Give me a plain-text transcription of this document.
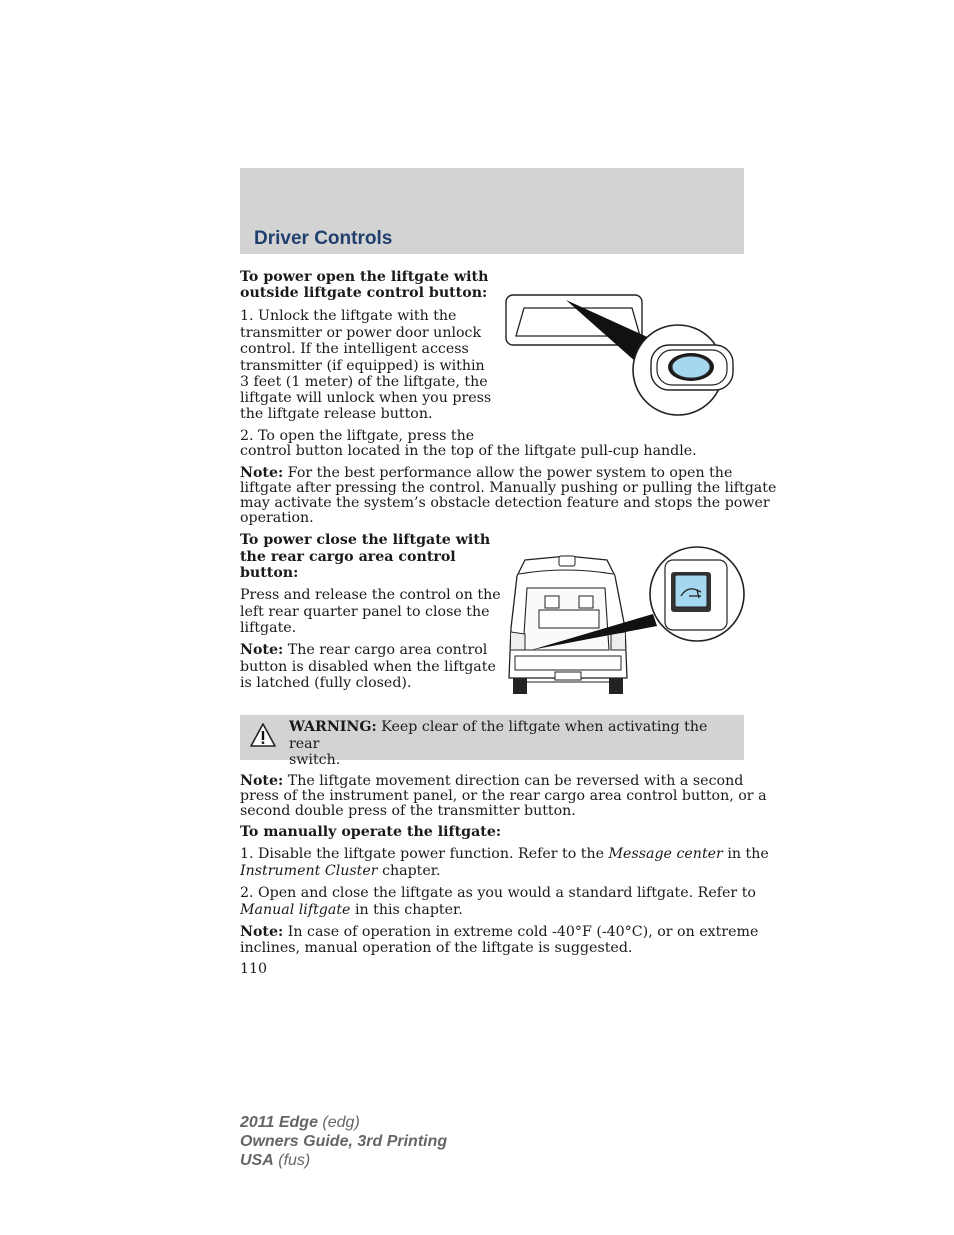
Driver Controls
To power open the liftgate with
outside liftgate control button:
1. Unlock the liftgate with the
transmitter or power door unlock
control. If the intelligent access
transmitter (if equipped) is within
3 feet (1 meter) of the liftgate, the
liftgate will unlock when you press
the liftgate release button.
2. To open the liftgate, press the
control button located in the top of the liftgate pull-cup handle.
Note: For the best performance allow the power system to open the
liftgate after pressing the control. Manually pushing or pulling the liftgate
may activate the system’s obstacle detection feature and stops the power
operation.
To power close the liftgate with
the rear cargo area control
button:
Press and release the control on the
left rear quarter panel to close the
liftgate.
Note: The rear cargo area control
button is disabled when the liftgate
is latched (fully closed).
WARNING: Keep clear of the liftgate when activating the rear
switch.
Note: The liftgate movement direction can be reversed with a second
press of the instrument panel, or the rear cargo area control button, or a
second double press of the transmitter button.
To manually operate the liftgate:
1. Disable the liftgate power function. Refer to the Message center in the
Instrument Cluster chapter.
2. Open and close the liftgate as you would a standard liftgate. Refer to
Manual liftgate in this chapter.
Note: In case of operation in extreme cold -40°F (-40°C), or on extreme
inclines, manual operation of the liftgate is suggested.
110
2011 Edge (edg)
Owners Guide, 3rd Printing
USA (fus)
